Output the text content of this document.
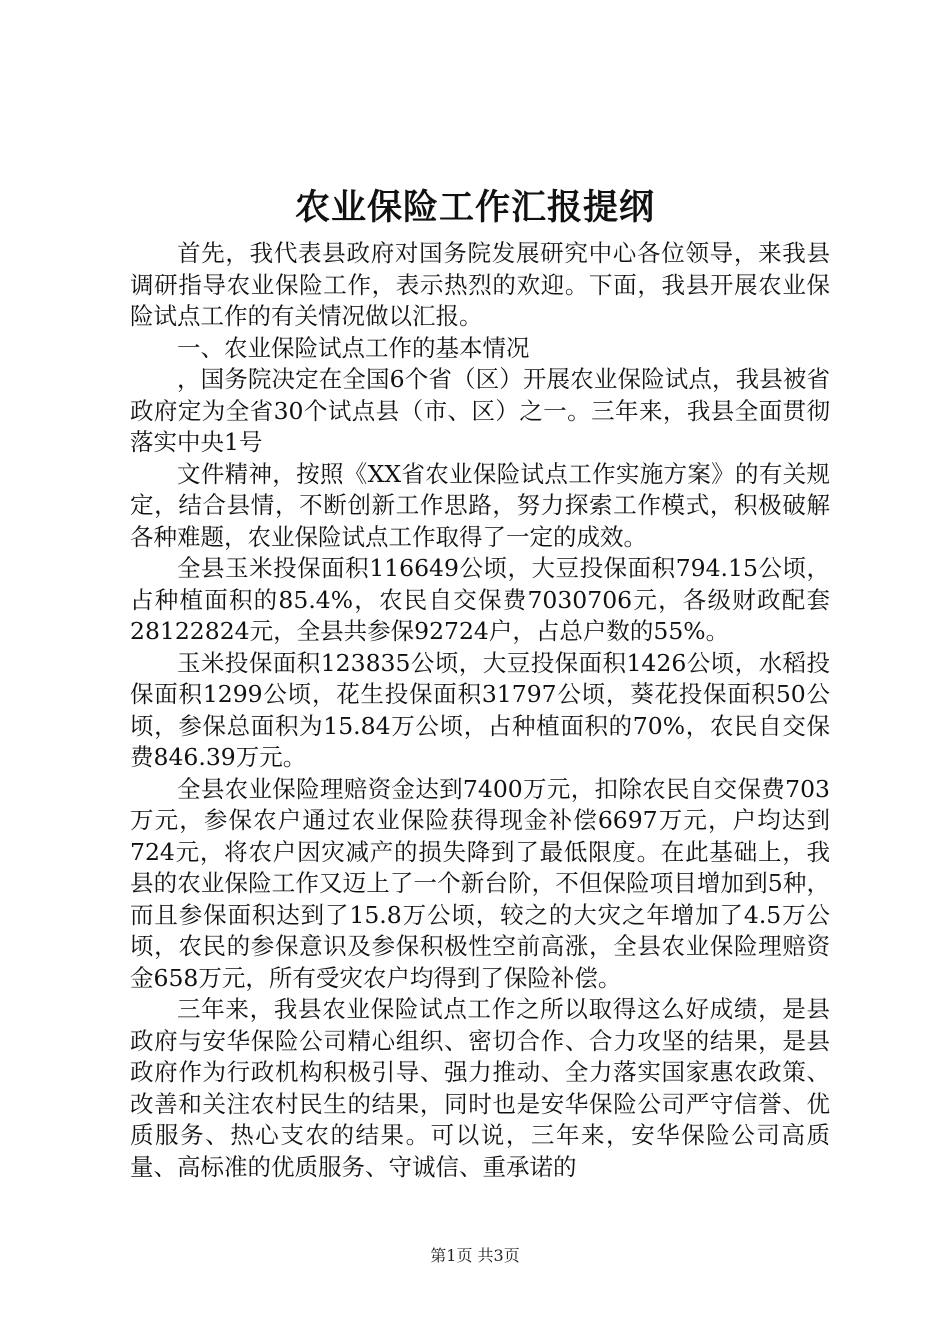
农业保险工作汇报提纲

首先，我代表县政府对国务院发展研究中心各位领导，来我县调研指导农业保险工作，表示热烈的欢迎。下面，我县开展农业保险试点工作的有关情况做以汇报。

一、农业保险试点工作的基本情况

，国务院决定在全国6个省（区）开展农业保险试点，我县被省政府定为全省30个试点县（市、区）之一。三年来，我县全面贯彻落实中央1号

文件精神，按照《XX省农业保险试点工作实施方案》的有关规定，结合县情，不断创新工作思路，努力探索工作模式，积极破解各种难题，农业保险试点工作取得了一定的成效。

全县玉米投保面积116649公顷，大豆投保面积794.15公顷，占种植面积的85.4%，农民自交保费7030706元，各级财政配套28122824元，全县共参保92724户，占总户数的55%。

玉米投保面积123835公顷，大豆投保面积1426公顷，水稻投保面积1299公顷，花生投保面积31797公顷，葵花投保面积50公顷，参保总面积为15.84万公顷，占种植面积的70%，农民自交保费846.39万元。

全县农业保险理赔资金达到7400万元，扣除农民自交保费703万元，参保农户通过农业保险获得现金补偿6697万元，户均达到724元，将农户因灾减产的损失降到了最低限度。在此基础上，我县的农业保险工作又迈上了一个新台阶，不但保险项目增加到5种，而且参保面积达到了15.8万公顷，较之的大灾之年增加了4.5万公顷，农民的参保意识及参保积极性空前高涨，全县农业保险理赔资金658万元，所有受灾农户均得到了保险补偿。

三年来，我县农业保险试点工作之所以取得这么好成绩，是县政府与安华保险公司精心组织、密切合作、合力攻坚的结果，是县政府作为行政机构积极引导、强力推动、全力落实国家惠农政策、改善和关注农村民生的结果，同时也是安华保险公司严守信誉、优质服务、热心支农的结果。可以说，三年来，安华保险公司高质量、高标准的优质服务、守诚信、重承诺的

第1页 共3页
